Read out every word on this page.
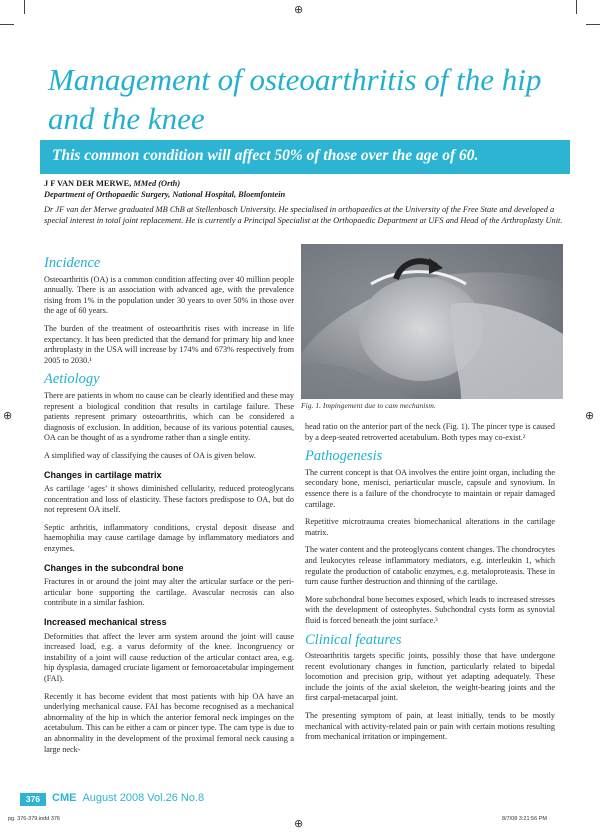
⊕
⊕	⊕
⊕
Management of osteoarthritis of the hip and the knee

This common condition will affect 50% of those over the age of 60.

J F VAN DER MERWE, MMed (Orth)

Department of Orthopaedic Surgery, National Hospital, Bloemfontein

Dr JF van der Merwe graduated MB ChB at Stellenbosch University. He specialised in orthopaedics at the University of the Free State and developed a special interest in total joint replacement. He is currently a Principal Specialist at the Orthopaedic Department at UFS and Head of the Arthroplasty Unit.

Incidence

Osteoarthritis (OA) is a common condition affecting over 40 million people annually. There is an association with advanced age, with the prevalence rising from 1% in the population under 30 years to over 50% in those over the age of 60 years.

The burden of the treatment of osteoarthritis rises with increase in life expectancy. It has been predicted that the demand for primary hip and knee arthroplasty in the USA will increase by 174% and 673% respectively from 2005 to 2030.¹

Aetiology

There are patients in whom no cause can be clearly identified and these may represent a biological condition that results in cartilage failure. These patients represent primary osteoarthritis, which can be considered a diagnosis of exclusion. In addition, because of its various potential causes, OA can be thought of as a syndrome rather than a single entity.

A simplified way of classifying the causes of OA is given below.

Changes in cartilage matrix

As cartilage ‘ages’ it shows diminished cellularity, reduced proteoglycans concentration and loss of elasticity. These factors predispose to OA, but do not represent OA itself.

Septic arthritis, inflammatory conditions, crystal deposit disease and haemophilia may cause cartilage damage by inflammatory mediators and enzymes.

Changes in the subcondral bone

Fractures in or around the joint may alter the articular surface or the peri-articular bone supporting the cartilage. Avascular necrosis can also contribute in a similar fashion.

Increased mechanical stress

Deformities that affect the lever arm system around the joint will cause increased load, e.g. a varus deformity of the knee. Incongruency or instability of a joint will cause reduction of the articular contact area, e.g. hip dysplasia, damaged cruciate ligament or femoroacetabular impingement (FAI).

Recently it has become evident that most patients with hip OA have an underlying mechanical cause. FAI has become recognised as a mechanical abnormality of the hip in which the anterior femoral neck impinges on the acetabulum. This can be either a cam or pincer type. The cam type is due to an abnormality in the development of the proximal femoral neck causing a large neck-

Fig. 1. Impingement due to cam mechanism.

head ratio on the anterior part of the neck (Fig. 1). The pincer type is caused by a deep-seated retroverted acetabulum. Both types may co-exist.²

Pathogenesis

The current concept is that OA involves the entire joint organ, including the secondary bone, menisci, periarticular muscle, capsule and synovium. In essence there is a failure of the chondrocyte to maintain or repair damaged cartilage.

Repetitive microtrauma creates biomechanical alterations in the cartilage matrix.

The water content and the proteoglycans content changes. The chondrocytes and leukocytes release inflammatory mediators, e.g. interleukin 1, which regulate the production of catabolic enzymes, e.g. metaloproteasis. These in turn cause further destruction and thinning of the cartilage.

More subchondral bone becomes exposed, which leads to increased stresses with the development of osteophytes. Subchondral cysts form as synovial fluid is forced beneath the joint surface.³

Clinical features

Osteoarthritis targets specific joints, possibly those that have undergone recent evolutionary changes in function, particularly related to bipedal locomotion and precision grip, without yet adapting adequately. These include the joints of the axial skeleton, the weight-bearing joints and the first carpal-metacarpal joint.

The presenting symptom of pain, at least initially, tends to be mostly mechanical with activity-related pain or pain with certain motions resulting from mechanical irritation or impingement.

376	CME August 2008 Vol.26 No.8
pg. 376-379.indd 376	8/7/08 3:21:56 PM
